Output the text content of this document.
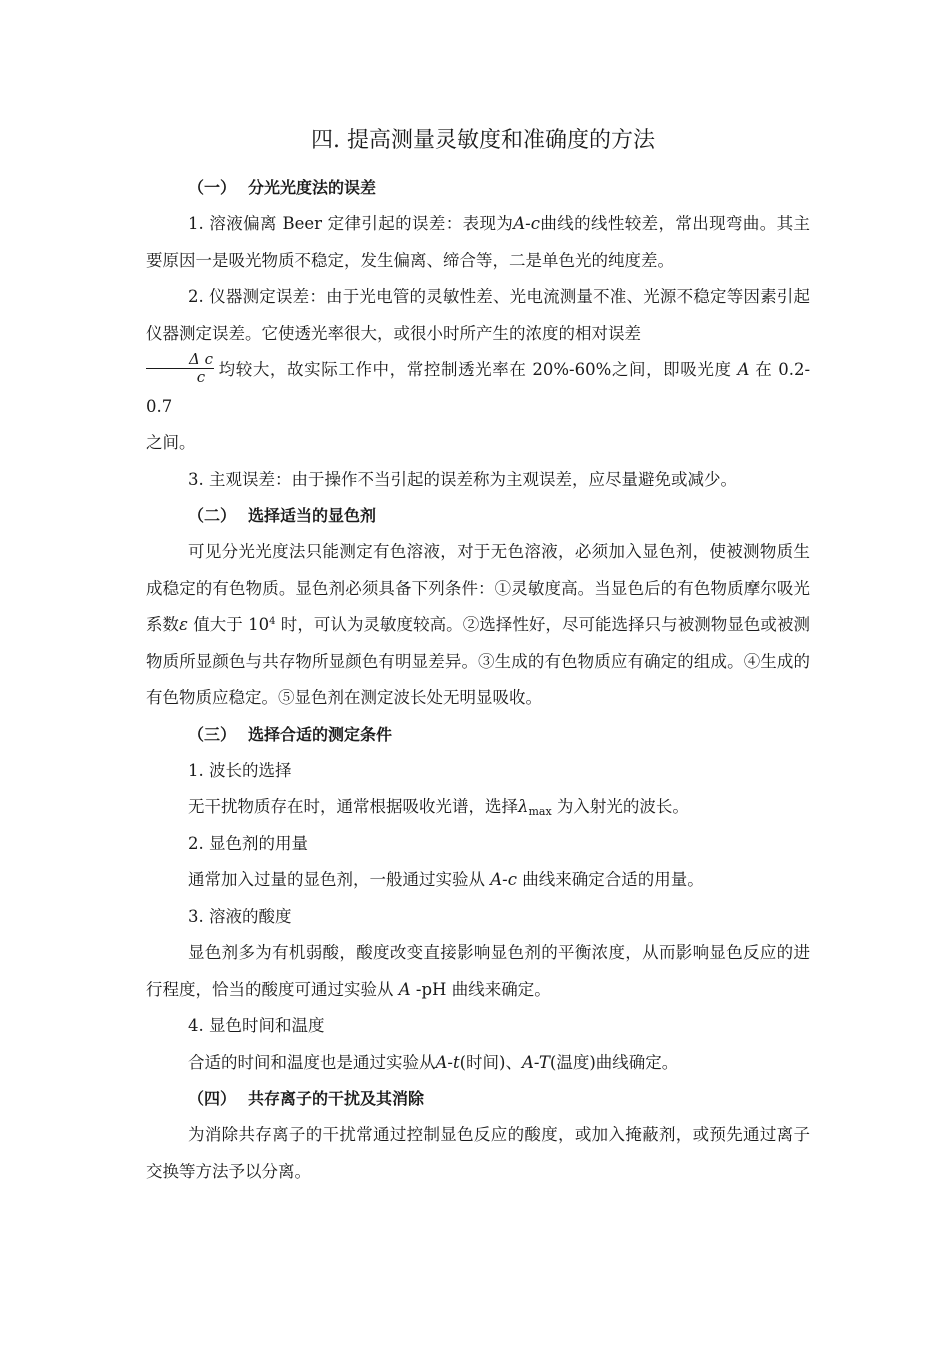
四. 提高测量灵敏度和准确度的方法
（一） 分光光度法的误差

1. 溶液偏离 Beer 定律引起的误差：表现为A-c曲线的线性较差，常出现弯曲。其主要原因一是吸光物质不稳定，发生偏离、缔合等，二是单色光的纯度差。

2. 仪器测定误差：由于光电管的灵敏性差、光电流测量不准、光源不稳定等因素引起仪器测定误差。它使透光率很大，或很小时所产生的浓度的相对误差

$\frac{\text{Δ c}}{c}$ 均较大，故实际工作中，常控制透光率在 20%-60%之间，即吸光度 A 在 0.2-0.7
之间。

3. 主观误差：由于操作不当引起的误差称为主观误差，应尽量避免或减少。

（二） 选择适当的显色剂

可见分光光度法只能测定有色溶液，对于无色溶液，必须加入显色剂，使被测物质生成稳定的有色物质。显色剂必须具备下列条件：①灵敏度高。当显色后的有色物质摩尔吸光系数ε 值大于 $10^4$ 时，可认为灵敏度较高。②选择性好，尽可能选择只与被测物显色或被测物质所显颜色与共存物所显颜色有明显差异。③生成的有色物质应有确定的组成。④生成的有色物质应稳定。⑤显色剂在测定波长处无明显吸收。

（三） 选择合适的测定条件

1. 波长的选择

无干扰物质存在时，通常根据吸收光谱，选择$\lambda_{max}$ 为入射光的波长。

2. 显色剂的用量

通常加入过量的显色剂，一般通过实验从 A-c 曲线来确定合适的用量。

3. 溶液的酸度

显色剂多为有机弱酸，酸度改变直接影响显色剂的平衡浓度，从而影响显色反应的进行程度，恰当的酸度可通过实验从 A -pH 曲线来确定。

4. 显色时间和温度

合适的时间和温度也是通过实验从A-t(时间)、A-T(温度)曲线确定。

（四） 共存离子的干扰及其消除

为消除共存离子的干扰常通过控制显色反应的酸度，或加入掩蔽剂，或预先通过离子交换等方法予以分离。
